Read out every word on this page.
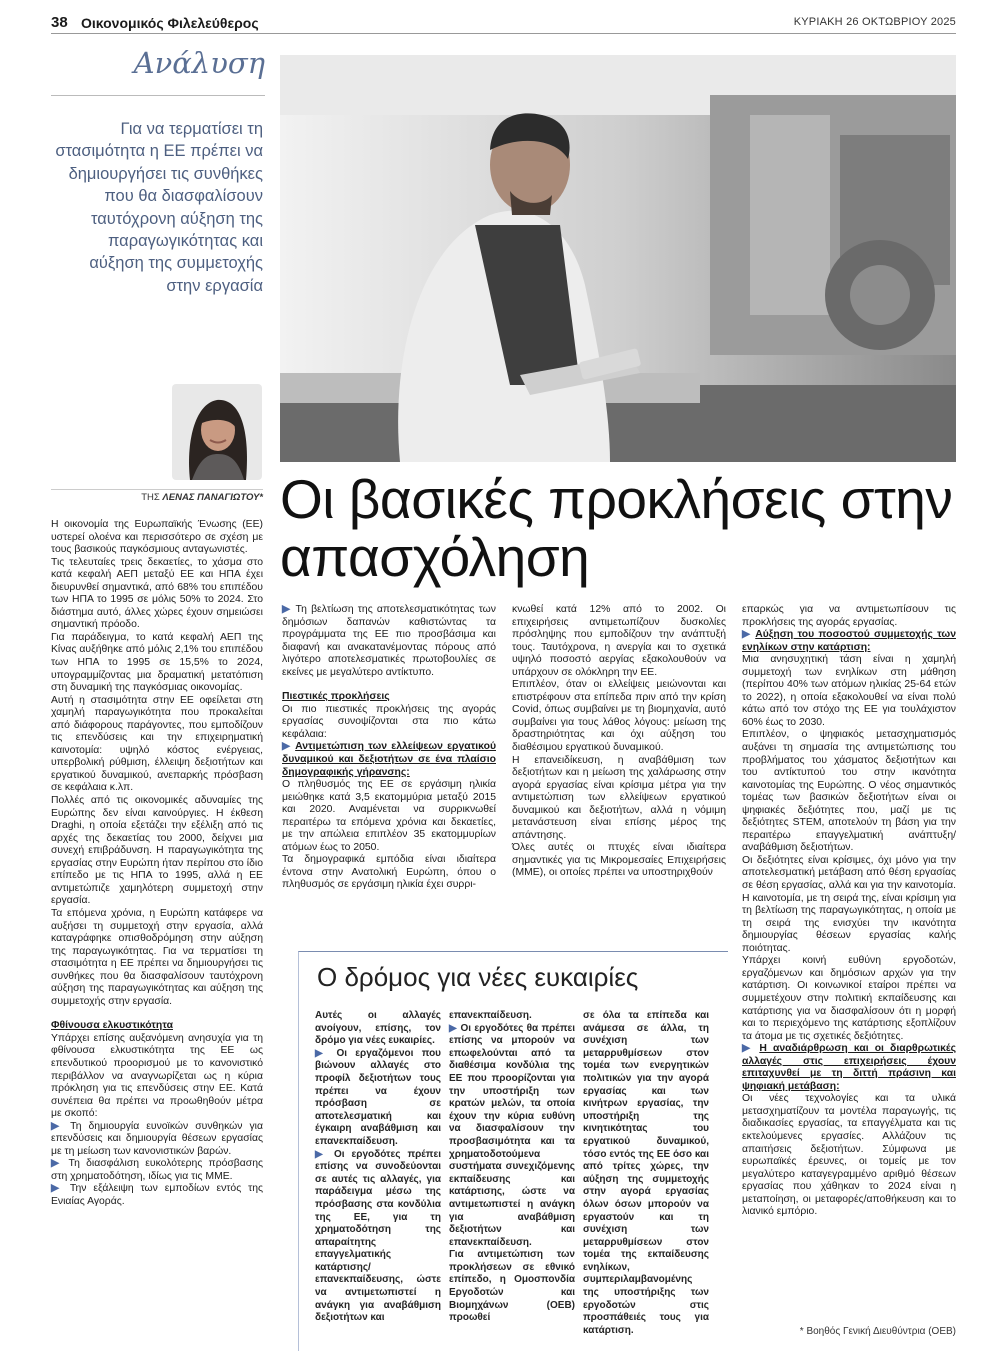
38 Οικονομικός Φιλελεύθερος	ΚΥΡΙΑΚΗ 26 ΟΚΤΩΒΡΙΟΥ 2025
Ανάλυση

Για να τερματίσει τη στασιμότητα η ΕΕ πρέπει να δημιουργήσει τις συνθήκες που θα διασφαλίσουν ταυτόχρονη αύξηση της παραγωγικότητας και αύξηση της συμμετοχής στην εργασία

ΤΗΣ ΛΕΝΑΣ ΠΑΝΑΓΙΩΤΟΥ* Οι βασικές προκλήσεις στην απασχόληση

Η οικονομία της Ευρωπαϊκής Ένωσης (ΕΕ) υστερεί ολοένα και περισσότερο σε σχέση με τους βασικούς παγκόσμιους ανταγωνιστές.

Τις τελευταίες τρεις δεκαετίες, το χάσμα στο κατά κεφαλή ΑΕΠ μεταξύ ΕΕ και ΗΠΑ έχει διευρυνθεί σημαντικά, από 68% του επιπέδου των ΗΠΑ το 1995 σε μόλις 50% το 2024. Στο διάστημα αυτό, άλλες χώρες έχουν σημειώσει σημαντική πρόοδο.

Για παράδειγμα, το κατά κεφαλή ΑΕΠ της Κίνας αυξήθηκε από μόλις 2,1% του επιπέδου των ΗΠΑ το 1995 σε 15,5% το 2024, υπογραμμίζοντας μια δραματική μετατόπιση στη δυναμική της παγκόσμιας οικονομίας.

Αυτή η στασιμότητα στην ΕΕ οφείλεται στη χαμηλή παραγωγικότητα που προκαλείται από διάφορους παράγοντες, που εμποδίζουν τις επενδύσεις και την επιχειρηματική καινοτομία: υψηλό κόστος ενέργειας, υπερβολική ρύθμιση, έλλειψη δεξιοτήτων και εργατικού δυναμικού, ανεπαρκής πρόσβαση σε κεφάλαια κ.λπ.

Πολλές από τις οικονομικές αδυναμίες της Ευρώπης δεν είναι καινούργιες. Η έκθεση Draghi, η οποία εξετάζει την εξέλιξη από τις αρχές της δεκαετίας του 2000, δείχνει μια συνεχή επιβράδυνση. Η παραγωγικότητα της εργασίας στην Ευρώπη ήταν περίπου στο ίδιο επίπεδο με τις ΗΠΑ το 1995, αλλά η ΕΕ αντιμετώπιζε χαμηλότερη συμμετοχή στην εργασία.

Τα επόμενα χρόνια, η Ευρώπη κατάφερε να αυξήσει τη συμμετοχή στην εργασία, αλλά καταγράφηκε οπισθοδρόμηση στην αύξηση της παραγωγικότητας. Για να τερματίσει τη στασιμότητα η ΕΕ πρέπει να δημιουργήσει τις συνθήκες που θα διασφαλίσουν ταυτόχρονη αύξηση της παραγωγικότητας και αύξηση της συμμετοχής στην εργασία.

Φθίνουσα ελκυστικότητα

Υπάρχει επίσης αυξανόμενη ανησυχία για τη φθίνουσα ελκυστικότητα της ΕΕ ως επενδυτικού προορισμού με το κανονιστικό περιβάλλον να αναγνωρίζεται ως η κύρια πρόκληση για τις επενδύσεις στην ΕΕ. Κατά συνέπεια θα πρέπει να προωθηθούν μέτρα με σκοπό:

▶ Τη δημιουργία ευνοϊκών συνθηκών για επενδύσεις και δημιουργία θέσεων εργασίας με τη μείωση των κανονιστικών βαρών.

▶ Τη διασφάλιση ευκολότερης πρόσβασης στη χρηματοδότηση, ιδίως για τις ΜΜΕ.

▶ Την εξάλειψη των εμποδίων εντός της Ενιαίας Αγοράς.

▶ Τη βελτίωση της αποτελεσματικότητας των δημόσιων δαπανών καθιστώντας τα προγράμματα της ΕΕ πιο προσβάσιμα και διαφανή και ανακατανέμοντας πόρους από λιγότερο αποτελεσματικές πρωτοβουλίες σε εκείνες με μεγαλύτερο αντίκτυπο.

Πιεστικές προκλήσεις

Οι πιο πιεστικές προκλήσεις της αγοράς εργασίας συνοψίζονται στα πιο κάτω κεφάλαια:

▶ Αντιμετώπιση των ελλείψεων εργατικού δυναμικού και δεξιοτήτων σε ένα πλαίσιο δημογραφικής γήρανσης:

Ο πληθυσμός της ΕΕ σε εργάσιμη ηλικία μειώθηκε κατά 3,5 εκατομμύρια μεταξύ 2015 και 2020. Αναμένεται να συρρικνωθεί περαιτέρω τα επόμενα χρόνια και δεκαετίες, με την απώλεια επιπλέον 35 εκατομμυρίων ατόμων έως το 2050.

Τα δημογραφικά εμπόδια είναι ιδιαίτερα έντονα στην Ανατολική Ευρώπη, όπου ο πληθυσμός σε εργάσιμη ηλικία έχει συρρι-

κνωθεί κατά 12% από το 2002. Οι επιχειρήσεις αντιμετωπίζουν δυσκολίες πρόσληψης που εμποδίζουν την ανάπτυξή τους. Ταυτόχρονα, η ανεργία και το σχετικά υψηλό ποσοστό αεργίας εξακολουθούν να υπάρχουν σε ολόκληρη την ΕΕ.

Επιπλέον, όταν οι ελλείψεις μειώνονται και επιστρέφουν στα επίπεδα πριν από την κρίση Covid, όπως συμβαίνει με τη βιομηχανία, αυτό συμβαίνει για τους λάθος λόγους: μείωση της δραστηριότητας και όχι αύξηση του διαθέσιμου εργατικού δυναμικού.

Η επανειδίκευση, η αναβάθμιση των δεξιοτήτων και η μείωση της χαλάρωσης στην αγορά εργασίας είναι κρίσιμα μέτρα για την αντιμετώπιση των ελλείψεων εργατικού δυναμικού και δεξιοτήτων, αλλά η νόμιμη μετανάστευση είναι επίσης μέρος της απάντησης.

Όλες αυτές οι πτυχές είναι ιδιαίτερα σημαντικές για τις Μικρομεσαίες Επιχειρήσεις (ΜΜΕ), οι οποίες πρέπει να υποστηριχθούν

επαρκώς για να αντιμετωπίσουν τις προκλήσεις της αγοράς εργασίας.

▶ Αύξηση του ποσοστού συμμετοχής των ενηλίκων στην κατάρτιση:

Μια ανησυχητική τάση είναι η χαμηλή συμμετοχή των ενηλίκων στη μάθηση (περίπου 40% των ατόμων ηλικίας 25-64 ετών το 2022), η οποία εξακολουθεί να είναι πολύ κάτω από τον στόχο της ΕΕ για τουλάχιστον 60% έως το 2030.

Επιπλέον, ο ψηφιακός μετασχηματισμός αυξάνει τη σημασία της αντιμετώπισης του προβλήματος του χάσματος δεξιοτήτων και του αντίκτυπού του στην ικανότητα καινοτομίας της Ευρώπης. Ο νέος σημαντικός τομέας των βασικών δεξιοτήτων είναι οι ψηφιακές δεξιότητες που, μαζί με τις δεξιότητες STEM, αποτελούν τη βάση για την περαιτέρω επαγγελματική ανάπτυξη/αναβάθμιση δεξιοτήτων.

Οι δεξιότητες είναι κρίσιμες, όχι μόνο για την αποτελεσματική μετάβαση από θέση εργασίας σε θέση εργασίας, αλλά και για την καινοτομία. Η καινοτομία, με τη σειρά της, είναι κρίσιμη για τη βελτίωση της παραγωγικότητας, η οποία με τη σειρά της ενισχύει την ικανότητα δημιουργίας θέσεων εργασίας καλής ποιότητας.

Υπάρχει κοινή ευθύνη εργοδοτών, εργαζόμενων και δημόσιων αρχών για την κατάρτιση. Οι κοινωνικοί εταίροι πρέπει να συμμετέχουν στην πολιτική εκπαίδευσης και κατάρτισης για να διασφαλίσουν ότι η μορφή και το περιεχόμενο της κατάρτισης εξοπλίζουν τα άτομα με τις σχετικές δεξιότητες.

▶ Η αναδιάρθρωση και οι διαρθρωτικές αλλαγές στις επιχειρήσεις έχουν επιταχυνθεί με τη διττή πράσινη και ψηφιακή μετάβαση:

Οι νέες τεχνολογίες και τα υλικά μετασχηματίζουν τα μοντέλα παραγωγής, τις διαδικασίες εργασίας, τα επαγγέλματα και τις εκτελούμενες εργασίες. Αλλάζουν τις απαιτήσεις δεξιοτήτων. Σύμφωνα με ευρωπαϊκές έρευνες, οι τομείς με τον μεγαλύτερο καταγεγραμμένο αριθμό θέσεων εργασίας που χάθηκαν το 2024 είναι η μεταποίηση, οι μεταφορές/αποθήκευση και το λιανικό εμπόριο.

Ο δρόμος για νέες ευκαιρίες

Αυτές οι αλλαγές ανοίγουν, επίσης, τον δρόμο για νέες ευκαιρίες.

▶ Οι εργαζόμενοι που βιώνουν αλλαγές στο προφίλ δεξιοτήτων τους πρέπει να έχουν πρόσβαση σε αποτελεσματική και έγκαιρη αναβάθμιση και επανεκπαίδευση.

▶ Οι εργοδότες πρέπει επίσης να συνοδεύονται σε αυτές τις αλλαγές, για παράδειγμα μέσω της πρόσβασης στα κονδύλια της ΕΕ, για τη χρηματοδότηση της απαραίτητης επαγγελματικής κατάρτισης/επανεκπαίδευσης, ώστε να αντιμετωπιστεί η ανάγκη για αναβάθμιση δεξιοτήτων και

επανεκπαίδευση.

▶ Οι εργοδότες θα πρέπει επίσης να μπορούν να επωφελούνται από τα διαθέσιμα κονδύλια της ΕΕ που προορίζονται για την υποστήριξη των κρατών μελών, τα οποία έχουν την κύρια ευθύνη να διασφαλίσουν την προσβασιμότητα και τα χρηματοδοτούμενα συστήματα συνεχιζόμενης εκπαίδευσης και κατάρτισης, ώστε να αντιμετωπιστεί η ανάγκη για αναβάθμιση δεξιοτήτων και επανεκπαίδευση.

Για αντιμετώπιση των προκλήσεων σε εθνικό επίπεδο, η Ομοσπονδία Εργοδοτών και Βιομηχάνων (ΟΕΒ) προωθεί

σε όλα τα επίπεδα και ανάμεσα σε άλλα, τη συνέχιση των μεταρρυθμίσεων στον τομέα των ενεργητικών πολιτικών για την αγορά εργασίας και των κινήτρων εργασίας, την υποστήριξη της κινητικότητας του εργατικού δυναμικού, τόσο εντός της ΕΕ όσο και από τρίτες χώρες, την αύξηση της συμμετοχής στην αγορά εργασίας όλων όσων μπορούν να εργαστούν και τη συνέχιση των μεταρρυθμίσεων στον τομέα της εκπαίδευσης ενηλίκων, συμπεριλαμβανομένης της υποστήριξης των εργοδοτών στις προσπάθειές τους για κατάρτιση.	* Βοηθός Γενική Διευθύντρια (ΟΕΒ)
